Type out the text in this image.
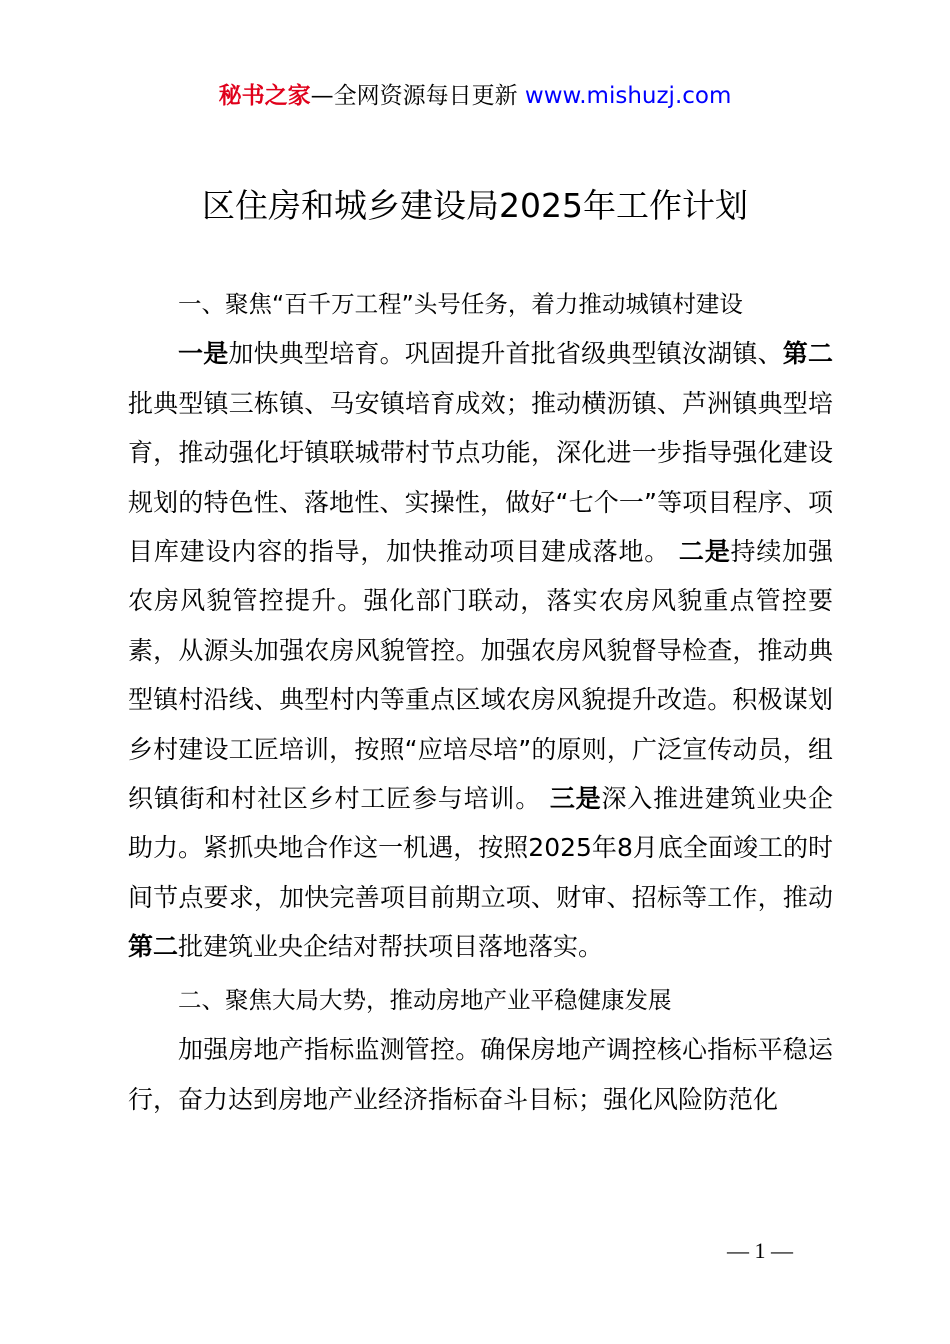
秘书之家—全网资源每日更新 www.mishuzj.com
区住房和城乡建设局2025年工作计划

一、聚焦“百千万工程”头号任务，着力推动城镇村建设

一是加快典型培育。巩固提升首批省级典型镇汝湖镇、第二批典型镇三栋镇、马安镇培育成效；推动横沥镇、芦洲镇典型培育，推动强化圩镇联城带村节点功能，深化进一步指导强化建设规划的特色性、落地性、实操性，做好“七个一”等项目程序、项目库建设内容的指导，加快推动项目建成落地。 二是持续加强农房风貌管控提升。强化部门联动，落实农房风貌重点管控要素，从源头加强农房风貌管控。加强农房风貌督导检查，推动典型镇村沿线、典型村内等重点区域农房风貌提升改造。积极谋划乡村建设工匠培训，按照“应培尽培”的原则，广泛宣传动员，组织镇街和村社区乡村工匠参与培训。 三是深入推进建筑业央企助力。紧抓央地合作这一机遇，按照2025年8月底全面竣工的时间节点要求，加快完善项目前期立项、财审、招标等工作，推动第二批建筑业央企结对帮扶项目落地落实。

二、聚焦大局大势，推动房地产业平稳健康发展

加强房地产指标监测管控。确保房地产调控核心指标平稳运行，奋力达到房地产业经济指标奋斗目标；强化风险防范化

— 1 —
